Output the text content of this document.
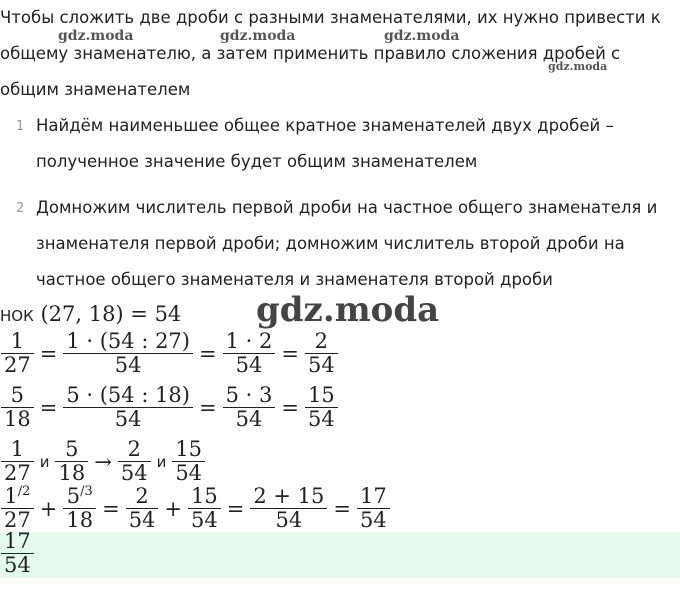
Чтобы сложить две дроби с разными знаменателями, их нужно привести к общему знаменателю, а затем применить правило сложения дробей с общим знаменателем

gdz.moda	gdz.moda	gdz.moda
gdz.moda
1 Найдём наименьшее общее кратное знаменателей двух дробей – полученное значение будет общим знаменателем
2 Домножим числитель первой дроби на частное общего знаменателя и знаменателя первой дроби; домножим числитель второй дроби на частное общего знаменателя и знаменателя второй дроби
gdz.moda
НОК (27, 18) = 54
$\frac{1}{27} = \frac{1 \cdot (54 : 27)}{54} = \frac{1 \cdot 2}{54} = \frac{2}{54}$
$\frac{5}{18} = \frac{5 \cdot (54 : 18)}{54} = \frac{5 \cdot 3}{54} = \frac{15}{54}$
$\frac{1}{27}$ и $\frac{5}{18} \to \frac{2}{54}$ и $\frac{15}{54}$
$\frac{1^{/2}}{27} + \frac{5^{/3}}{18} = \frac{2}{54} + \frac{15}{54} = \frac{2 + 15}{54} = \frac{17}{54}$
$\frac{17}{54}$
